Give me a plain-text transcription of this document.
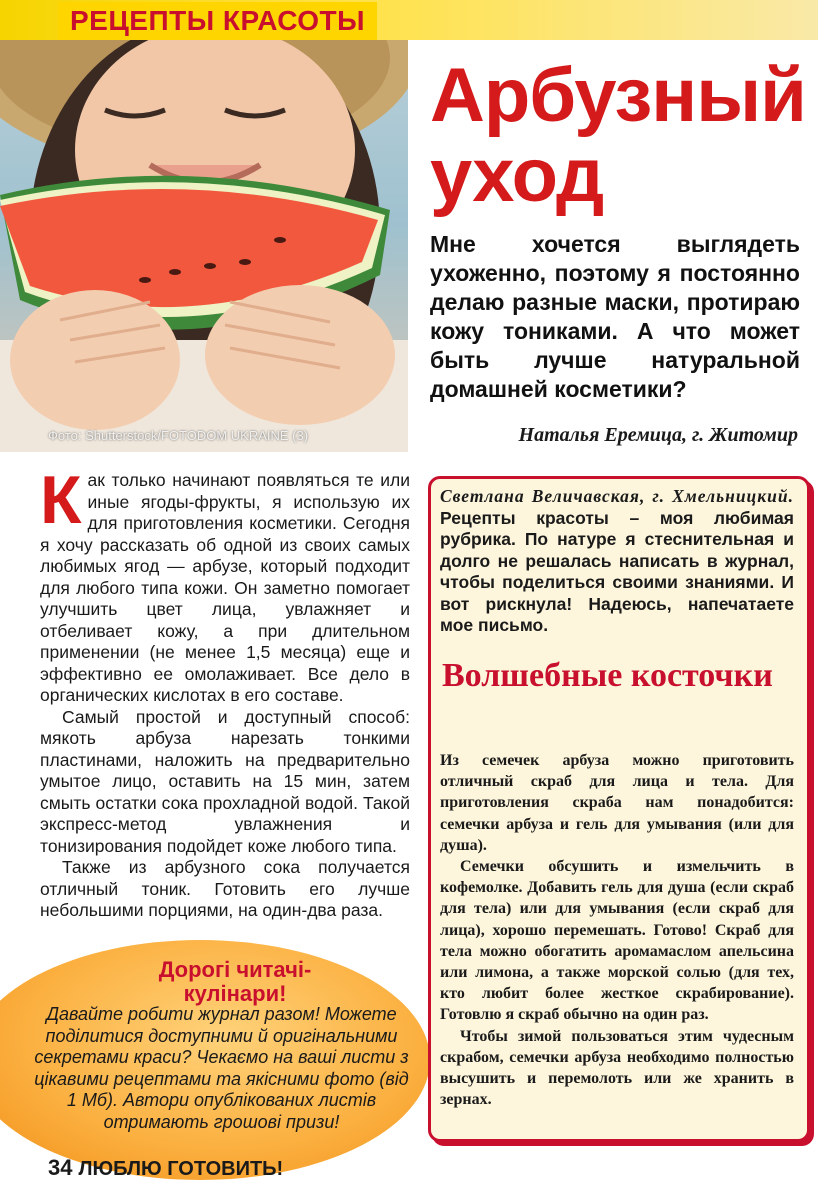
РЕЦЕПТЫ КРАСОТЫ
Фото: Shutterstock/FOTODOM UKRAINE (3)
Арбузный
уход
Мне хочется выглядеть ухоженно, поэтому я постоянно делаю разные маски, протираю кожу тониками. А что может быть лучше натуральной домашней косметики?
Наталья Еремица, г. Житомир

Как только начинают появляться те или иные ягоды-фрукты, я использую их для приготовления косметики. Сегодня я хочу рассказать об одной из своих самых любимых ягод — арбузе, который подходит для любого типа кожи. Он заметно помогает улучшить цвет лица, увлажняет и отбеливает кожу, а при длительном применении (не менее 1,5 месяца) еще и эффективно ее омолаживает. Все дело в органических кислотах в его составе.

Самый простой и доступный способ: мякоть арбуза нарезать тонкими пластинами, наложить на предварительно умытое лицо, оставить на 15 мин, затем смыть остатки сока прохладной водой. Такой экспресс-метод увлажнения и тонизирования подойдет коже любого типа.

Также из арбузного сока получается отличный тоник. Готовить его лучше небольшими порциями, на один-два раза.

Дорогі читачі-кулінари!
Давайте робити журнал разом! Можете поділитися доступними й оригінальними секретами краси? Чекаємо на ваші листи з цікавими рецептами та якісними фото (від 1 Мб). Автори опублікованих листів отримають грошові призи!
34 ЛЮБЛЮ ГОТОВИТЬ!
Светлана Величавская, г. Хмельницкий. Рецепты красоты – моя любимая рубрика. По натуре я стеснительная и долго не решалась написать в журнал, чтобы поделиться своими знаниями. И вот рискнула! Надеюсь, напечатаете мое письмо.
Волшебные косточки

Из семечек арбуза можно приготовить отличный скраб для лица и тела. Для приготовления скраба нам понадобится: семечки арбуза и гель для умывания (или для душа).

Семечки обсушить и измельчить в кофемолке. Добавить гель для душа (если скраб для тела) или для умывания (если скраб для лица), хорошо перемешать. Готово! Скраб для тела можно обогатить аромамаслом апельсина или лимона, а также морской солью (для тех, кто любит более жесткое скрабирование). Готовлю я скраб обычно на один раз.

Чтобы зимой пользоваться этим чудесным скрабом, семечки арбуза необходимо полностью высушить и перемолоть или же хранить в зернах.
